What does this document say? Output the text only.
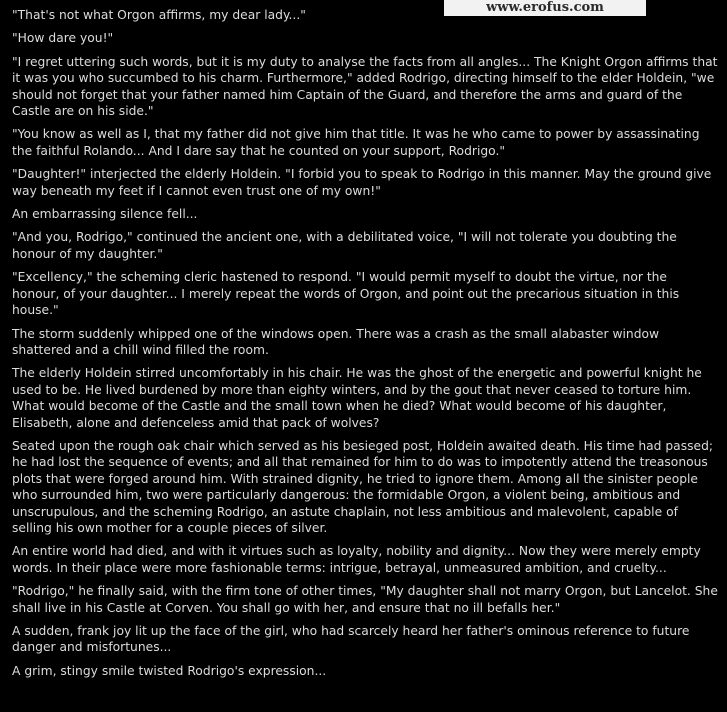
"That's not what Orgon affirms, my dear lady..."

"How dare you!"

"I regret uttering such words, but it is my duty to analyse the facts from all angles... The Knight Orgon affirms that it was you who succumbed to his charm. Furthermore," added Rodrigo, directing himself to the elder Holdein, "we should not forget that your father named him Captain of the Guard, and therefore the arms and guard of the Castle are on his side."

"You know as well as I, that my father did not give him that title. It was he who came to power by assassinating the faithful Rolando... And I dare say that he counted on your support, Rodrigo."

"Daughter!" interjected the elderly Holdein. "I forbid you to speak to Rodrigo in this manner. May the ground give way beneath my feet if I cannot even trust one of my own!"

An embarrassing silence fell...

"And you, Rodrigo," continued the ancient one, with a debilitated voice, "I will not tolerate you doubting the honour of my daughter."

"Excellency," the scheming cleric hastened to respond. "I would permit myself to doubt the virtue, nor the honour, of your daughter... I merely repeat the words of Orgon, and point out the precarious situation in this house."

The storm suddenly whipped one of the windows open. There was a crash as the small alabaster window shattered and a chill wind filled the room.

The elderly Holdein stirred uncomfortably in his chair. He was the ghost of the energetic and powerful knight he used to be. He lived burdened by more than eighty winters, and by the gout that never ceased to torture him. What would become of the Castle and the small town when he died? What would become of his daughter, Elisabeth, alone and defenceless amid that pack of wolves?

Seated upon the rough oak chair which served as his besieged post, Holdein awaited death. His time had passed; he had lost the sequence of events; and all that remained for him to do was to impotently attend the treasonous plots that were forged around him. With strained dignity, he tried to ignore them. Among all the sinister people who surrounded him, two were particularly dangerous: the formidable Orgon, a violent being, ambitious and unscrupulous, and the scheming Rodrigo, an astute chaplain, not less ambitious and malevolent, capable of selling his own mother for a couple pieces of silver.

An entire world had died, and with it virtues such as loyalty, nobility and dignity... Now they were merely empty words. In their place were more fashionable terms: intrigue, betrayal, unmeasured ambition, and cruelty...

"Rodrigo," he finally said, with the firm tone of other times, "My daughter shall not marry Orgon, but Lancelot. She shall live in his Castle at Corven. You shall go with her, and ensure that no ill befalls her."

A sudden, frank joy lit up the face of the girl, who had scarcely heard her father's ominous reference to future danger and misfortunes...

A grim, stingy smile twisted Rodrigo's expression...

www.erofus.com
